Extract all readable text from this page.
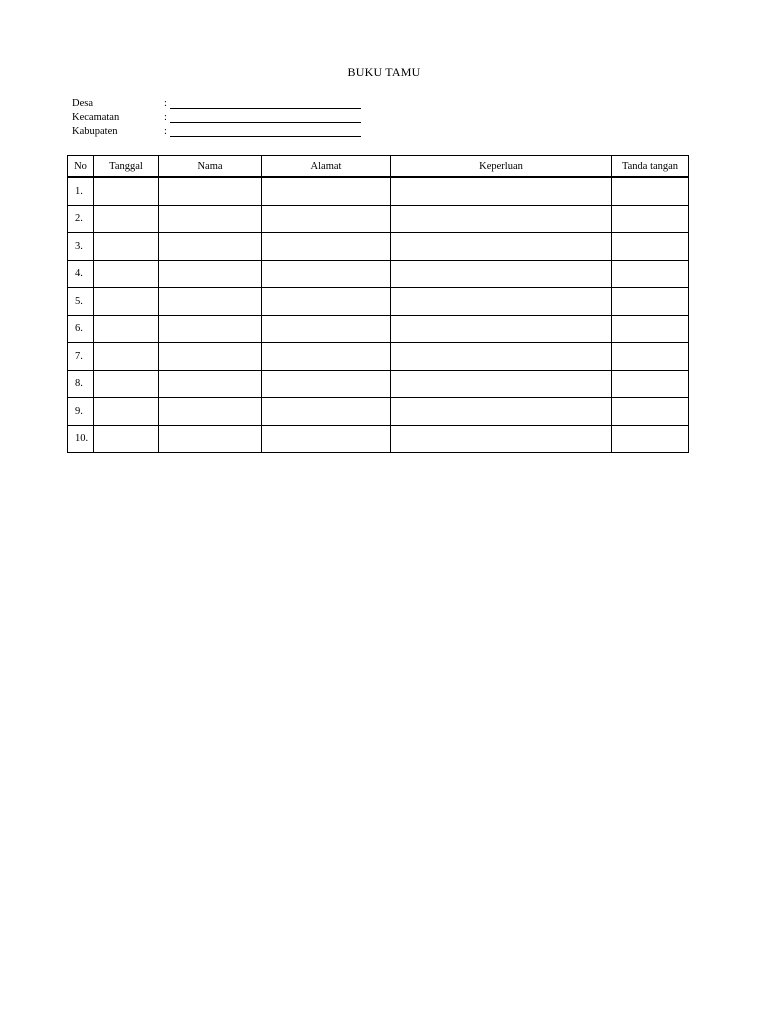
BUKU TAMU
Desa	:
Kecamatan	:
Kabupaten	:
No	Tanggal	Nama	Alamat	Keperluan	Tanda tangan
1.					
2.					
3.					
4.					
5.					
6.					
7.					
8.					
9.					
10.					
